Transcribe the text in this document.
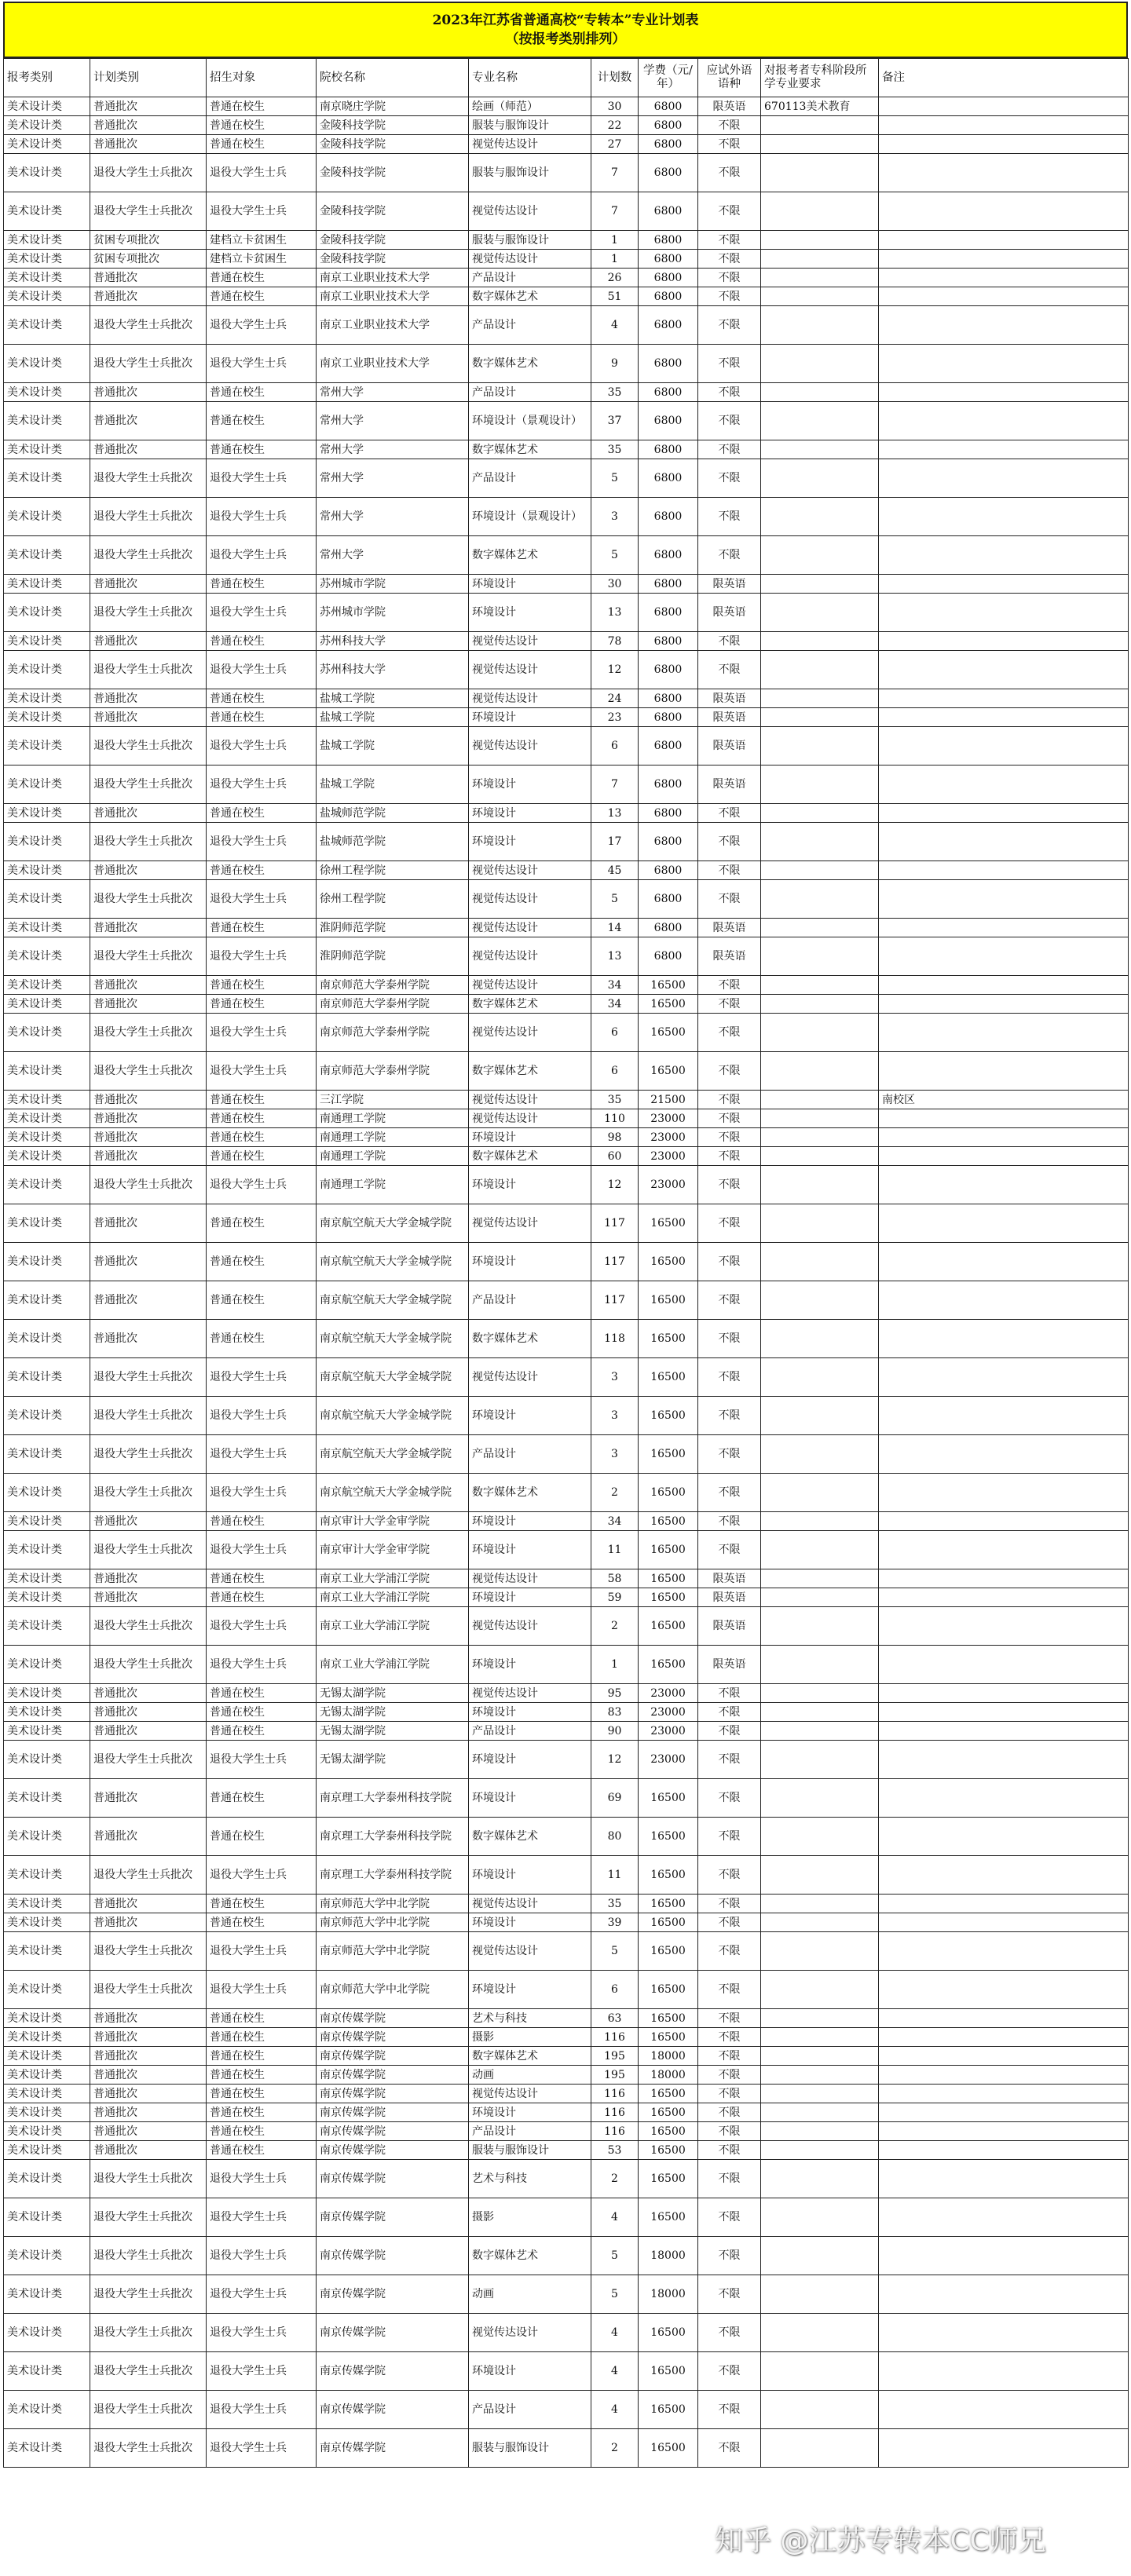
2023年江苏省普通高校“专转本”专业计划表
（按报考类别排列）
报考类别	计划类别	招生对象	院校名称	专业名称	计划数	学费（元/年）	应试外语语种	对报考者专科阶段所学专业要求	备注
美术设计类	普通批次	普通在校生	南京晓庄学院	绘画（师范）	30	6800	限英语	670113美术教育	
美术设计类	普通批次	普通在校生	金陵科技学院	服装与服饰设计	22	6800	不限		
美术设计类	普通批次	普通在校生	金陵科技学院	视觉传达设计	27	6800	不限		
美术设计类	退役大学生士兵批次	退役大学生士兵	金陵科技学院	服装与服饰设计	7	6800	不限		
美术设计类	退役大学生士兵批次	退役大学生士兵	金陵科技学院	视觉传达设计	7	6800	不限		
美术设计类	贫困专项批次	建档立卡贫困生	金陵科技学院	服装与服饰设计	1	6800	不限		
美术设计类	贫困专项批次	建档立卡贫困生	金陵科技学院	视觉传达设计	1	6800	不限		
美术设计类	普通批次	普通在校生	南京工业职业技术大学	产品设计	26	6800	不限		
美术设计类	普通批次	普通在校生	南京工业职业技术大学	数字媒体艺术	51	6800	不限		
美术设计类	退役大学生士兵批次	退役大学生士兵	南京工业职业技术大学	产品设计	4	6800	不限		
美术设计类	退役大学生士兵批次	退役大学生士兵	南京工业职业技术大学	数字媒体艺术	9	6800	不限		
美术设计类	普通批次	普通在校生	常州大学	产品设计	35	6800	不限		
美术设计类	普通批次	普通在校生	常州大学	环境设计（景观设计）	37	6800	不限		
美术设计类	普通批次	普通在校生	常州大学	数字媒体艺术	35	6800	不限		
美术设计类	退役大学生士兵批次	退役大学生士兵	常州大学	产品设计	5	6800	不限		
美术设计类	退役大学生士兵批次	退役大学生士兵	常州大学	环境设计（景观设计）	3	6800	不限		
美术设计类	退役大学生士兵批次	退役大学生士兵	常州大学	数字媒体艺术	5	6800	不限		
美术设计类	普通批次	普通在校生	苏州城市学院	环境设计	30	6800	限英语		
美术设计类	退役大学生士兵批次	退役大学生士兵	苏州城市学院	环境设计	13	6800	限英语		
美术设计类	普通批次	普通在校生	苏州科技大学	视觉传达设计	78	6800	不限		
美术设计类	退役大学生士兵批次	退役大学生士兵	苏州科技大学	视觉传达设计	12	6800	不限		
美术设计类	普通批次	普通在校生	盐城工学院	视觉传达设计	24	6800	限英语		
美术设计类	普通批次	普通在校生	盐城工学院	环境设计	23	6800	限英语		
美术设计类	退役大学生士兵批次	退役大学生士兵	盐城工学院	视觉传达设计	6	6800	限英语		
美术设计类	退役大学生士兵批次	退役大学生士兵	盐城工学院	环境设计	7	6800	限英语		
美术设计类	普通批次	普通在校生	盐城师范学院	环境设计	13	6800	不限		
美术设计类	退役大学生士兵批次	退役大学生士兵	盐城师范学院	环境设计	17	6800	不限		
美术设计类	普通批次	普通在校生	徐州工程学院	视觉传达设计	45	6800	不限		
美术设计类	退役大学生士兵批次	退役大学生士兵	徐州工程学院	视觉传达设计	5	6800	不限		
美术设计类	普通批次	普通在校生	淮阴师范学院	视觉传达设计	14	6800	限英语		
美术设计类	退役大学生士兵批次	退役大学生士兵	淮阴师范学院	视觉传达设计	13	6800	限英语		
美术设计类	普通批次	普通在校生	南京师范大学泰州学院	视觉传达设计	34	16500	不限		
美术设计类	普通批次	普通在校生	南京师范大学泰州学院	数字媒体艺术	34	16500	不限		
美术设计类	退役大学生士兵批次	退役大学生士兵	南京师范大学泰州学院	视觉传达设计	6	16500	不限		
美术设计类	退役大学生士兵批次	退役大学生士兵	南京师范大学泰州学院	数字媒体艺术	6	16500	不限		
美术设计类	普通批次	普通在校生	三江学院	视觉传达设计	35	21500	不限		南校区
美术设计类	普通批次	普通在校生	南通理工学院	视觉传达设计	110	23000	不限		
美术设计类	普通批次	普通在校生	南通理工学院	环境设计	98	23000	不限		
美术设计类	普通批次	普通在校生	南通理工学院	数字媒体艺术	60	23000	不限		
美术设计类	退役大学生士兵批次	退役大学生士兵	南通理工学院	环境设计	12	23000	不限		
美术设计类	普通批次	普通在校生	南京航空航天大学金城学院	视觉传达设计	117	16500	不限		
美术设计类	普通批次	普通在校生	南京航空航天大学金城学院	环境设计	117	16500	不限		
美术设计类	普通批次	普通在校生	南京航空航天大学金城学院	产品设计	117	16500	不限		
美术设计类	普通批次	普通在校生	南京航空航天大学金城学院	数字媒体艺术	118	16500	不限		
美术设计类	退役大学生士兵批次	退役大学生士兵	南京航空航天大学金城学院	视觉传达设计	3	16500	不限		
美术设计类	退役大学生士兵批次	退役大学生士兵	南京航空航天大学金城学院	环境设计	3	16500	不限		
美术设计类	退役大学生士兵批次	退役大学生士兵	南京航空航天大学金城学院	产品设计	3	16500	不限		
美术设计类	退役大学生士兵批次	退役大学生士兵	南京航空航天大学金城学院	数字媒体艺术	2	16500	不限		
美术设计类	普通批次	普通在校生	南京审计大学金审学院	环境设计	34	16500	不限		
美术设计类	退役大学生士兵批次	退役大学生士兵	南京审计大学金审学院	环境设计	11	16500	不限		
美术设计类	普通批次	普通在校生	南京工业大学浦江学院	视觉传达设计	58	16500	限英语		
美术设计类	普通批次	普通在校生	南京工业大学浦江学院	环境设计	59	16500	限英语		
美术设计类	退役大学生士兵批次	退役大学生士兵	南京工业大学浦江学院	视觉传达设计	2	16500	限英语		
美术设计类	退役大学生士兵批次	退役大学生士兵	南京工业大学浦江学院	环境设计	1	16500	限英语		
美术设计类	普通批次	普通在校生	无锡太湖学院	视觉传达设计	95	23000	不限		
美术设计类	普通批次	普通在校生	无锡太湖学院	环境设计	83	23000	不限		
美术设计类	普通批次	普通在校生	无锡太湖学院	产品设计	90	23000	不限		
美术设计类	退役大学生士兵批次	退役大学生士兵	无锡太湖学院	环境设计	12	23000	不限		
美术设计类	普通批次	普通在校生	南京理工大学泰州科技学院	环境设计	69	16500	不限		
美术设计类	普通批次	普通在校生	南京理工大学泰州科技学院	数字媒体艺术	80	16500	不限		
美术设计类	退役大学生士兵批次	退役大学生士兵	南京理工大学泰州科技学院	环境设计	11	16500	不限		
美术设计类	普通批次	普通在校生	南京师范大学中北学院	视觉传达设计	35	16500	不限		
美术设计类	普通批次	普通在校生	南京师范大学中北学院	环境设计	39	16500	不限		
美术设计类	退役大学生士兵批次	退役大学生士兵	南京师范大学中北学院	视觉传达设计	5	16500	不限		
美术设计类	退役大学生士兵批次	退役大学生士兵	南京师范大学中北学院	环境设计	6	16500	不限		
美术设计类	普通批次	普通在校生	南京传媒学院	艺术与科技	63	16500	不限		
美术设计类	普通批次	普通在校生	南京传媒学院	摄影	116	16500	不限		
美术设计类	普通批次	普通在校生	南京传媒学院	数字媒体艺术	195	18000	不限		
美术设计类	普通批次	普通在校生	南京传媒学院	动画	195	18000	不限		
美术设计类	普通批次	普通在校生	南京传媒学院	视觉传达设计	116	16500	不限		
美术设计类	普通批次	普通在校生	南京传媒学院	环境设计	116	16500	不限		
美术设计类	普通批次	普通在校生	南京传媒学院	产品设计	116	16500	不限		
美术设计类	普通批次	普通在校生	南京传媒学院	服装与服饰设计	53	16500	不限		
美术设计类	退役大学生士兵批次	退役大学生士兵	南京传媒学院	艺术与科技	2	16500	不限		
美术设计类	退役大学生士兵批次	退役大学生士兵	南京传媒学院	摄影	4	16500	不限		
美术设计类	退役大学生士兵批次	退役大学生士兵	南京传媒学院	数字媒体艺术	5	18000	不限		
美术设计类	退役大学生士兵批次	退役大学生士兵	南京传媒学院	动画	5	18000	不限		
美术设计类	退役大学生士兵批次	退役大学生士兵	南京传媒学院	视觉传达设计	4	16500	不限		
美术设计类	退役大学生士兵批次	退役大学生士兵	南京传媒学院	环境设计	4	16500	不限		
美术设计类	退役大学生士兵批次	退役大学生士兵	南京传媒学院	产品设计	4	16500	不限		
美术设计类	退役大学生士兵批次	退役大学生士兵	南京传媒学院	服装与服饰设计	2	16500	不限		
知乎 @江苏专转本CC师兄
